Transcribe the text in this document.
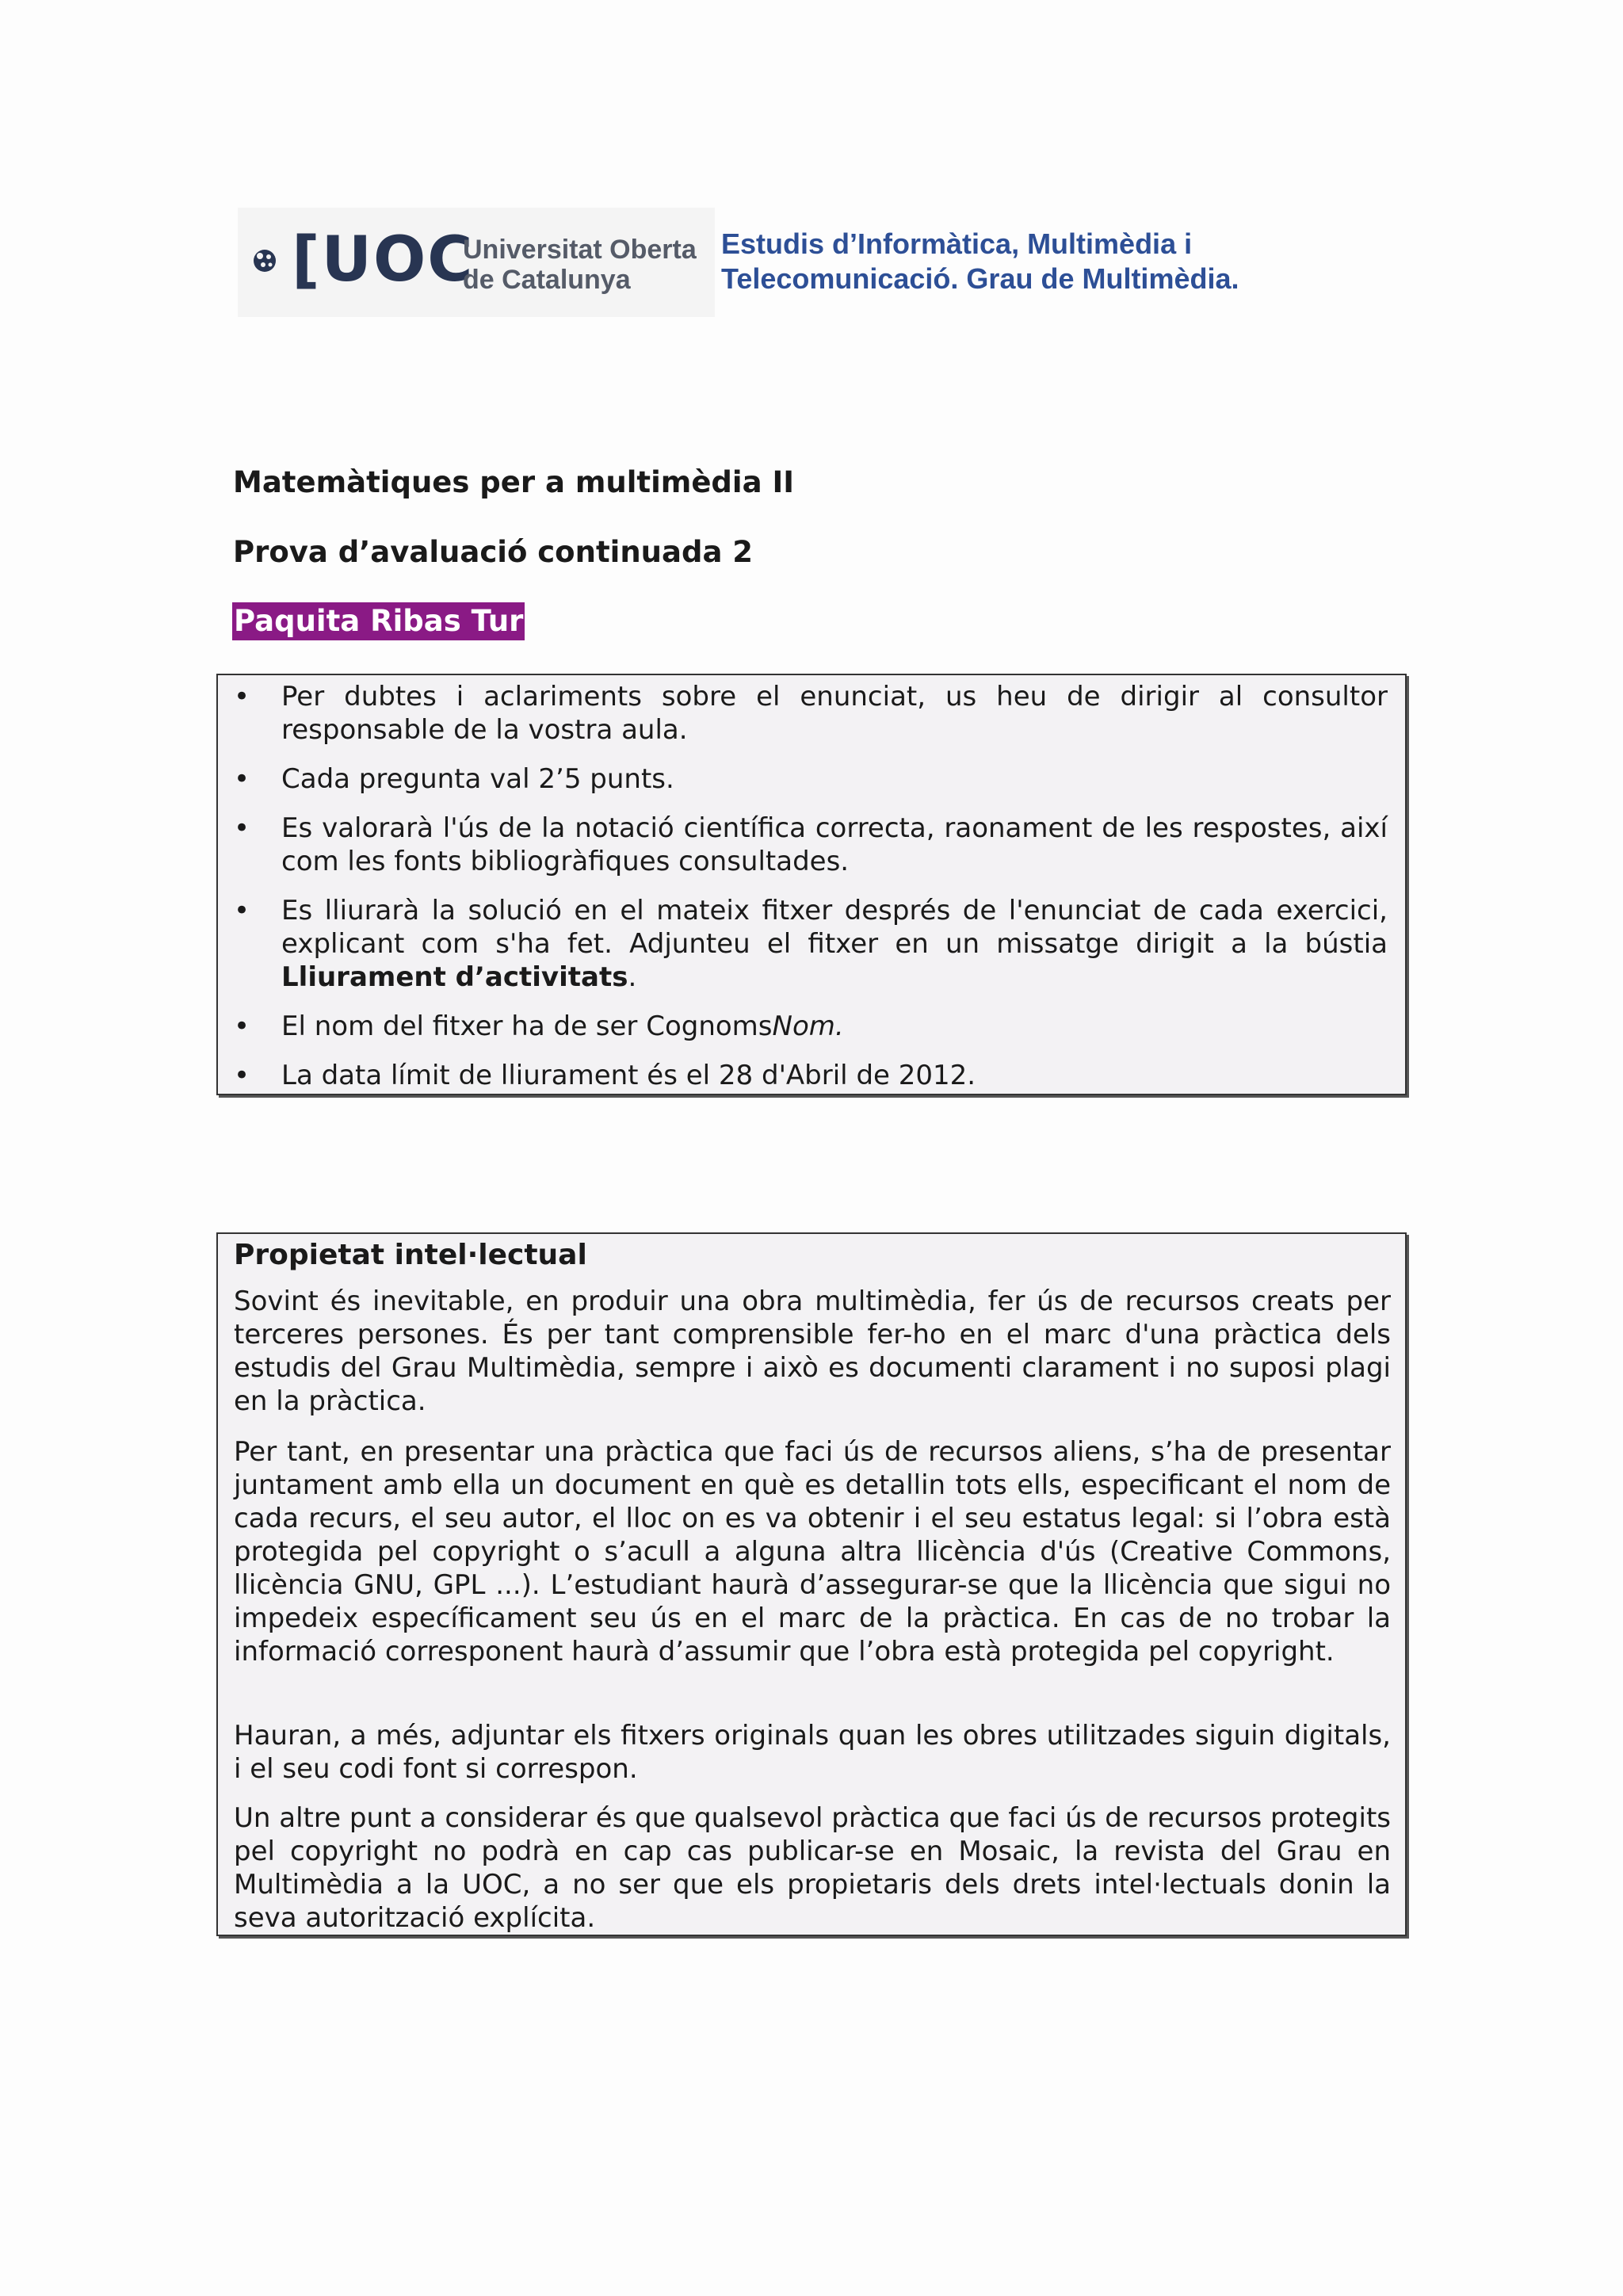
[UOC
Universitat Oberta
de Catalunya
Estudis d’Informàtica, Multimèdia i
Telecomunicació. Grau de Multimèdia.
Matemàtiques per a multimèdia II
Prova d’avaluació continuada 2
Paquita Ribas Tur
• Per dubtes i aclariments sobre el enunciat, us heu de dirigir al consultor responsable de la vostra aula.
• Cada pregunta val 2’5 punts.
• Es valorarà l'ús de la notació científica correcta, raonament de les respostes, així com les fonts bibliogràfiques consultades.
• Es lliurarà la solució en el mateix fitxer després de l'enunciat de cada exercici, explicant com s'ha fet. Adjunteu el fitxer en un missatge dirigit a la bústia Lliurament d’activitats.
• El nom del fitxer ha de ser CognomsNom.
• La data límit de lliurament és el 28 d'Abril de 2012.
Propietat intel·lectual
Sovint és inevitable, en produir una obra multimèdia, fer ús de recursos creats per terceres persones. És per tant comprensible fer-ho en el marc d'una pràctica dels estudis del Grau Multimèdia, sempre i això es documenti clarament i no suposi plagi en la pràctica.
Per tant, en presentar una pràctica que faci ús de recursos aliens, s’ha de presentar juntament amb ella un document en què es detallin tots ells, especificant el nom de cada recurs, el seu autor, el lloc on es va obtenir i el seu estatus legal: si l’obra està protegida pel copyright o s’acull a alguna altra llicència d'ús (Creative Commons, llicència GNU, GPL ...). L’estudiant haurà d’assegurar-se que la llicència que sigui no impedeix específicament seu ús en el marc de la pràctica. En cas de no trobar la informació corresponent haurà d’assumir que l’obra està protegida pel copyright.
Hauran, a més, adjuntar els fitxers originals quan les obres utilitzades siguin digitals, i el seu codi font si correspon.
Un altre punt a considerar és que qualsevol pràctica que faci ús de recursos protegits pel copyright no podrà en cap cas publicar-se en Mosaic, la revista del Grau en Multimèdia a la UOC, a no ser que els propietaris dels drets intel·lectuals donin la seva autorització explícita.
